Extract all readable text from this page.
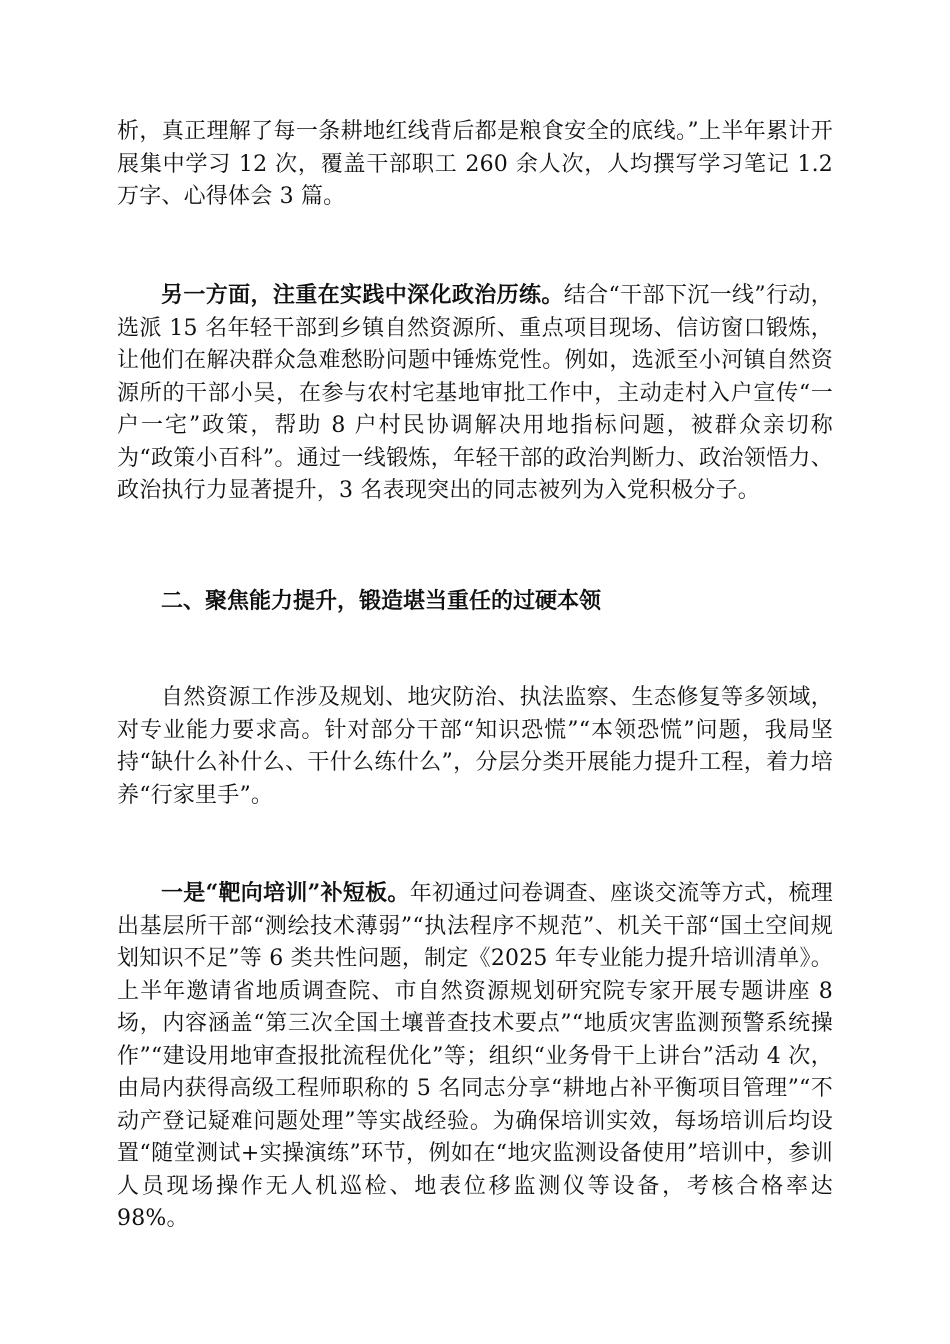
析，真正理解了每一条耕地红线背后都是粮食安全的底线。”上半年累计开展集中学习 12 次，覆盖干部职工 260 余人次，人均撰写学习笔记 1.2 万字、心得体会 3 篇。

另一方面，注重在实践中深化政治历练。结合“干部下沉一线”行动，选派 15 名年轻干部到乡镇自然资源所、重点项目现场、信访窗口锻炼，让他们在解决群众急难愁盼问题中锤炼党性。例如，选派至小河镇自然资源所的干部小吴，在参与农村宅基地审批工作中，主动走村入户宣传“一户一宅”政策，帮助 8 户村民协调解决用地指标问题，被群众亲切称为“政策小百科”。通过一线锻炼，年轻干部的政治判断力、政治领悟力、政治执行力显著提升，3 名表现突出的同志被列为入党积极分子。

二、聚焦能力提升，锻造堪当重任的过硬本领

自然资源工作涉及规划、地灾防治、执法监察、生态修复等多领域，对专业能力要求高。针对部分干部“知识恐慌”“本领恐慌”问题，我局坚持“缺什么补什么、干什么练什么”，分层分类开展能力提升工程，着力培养“行家里手”。

一是“靶向培训”补短板。年初通过问卷调查、座谈交流等方式，梳理出基层所干部“测绘技术薄弱”“执法程序不规范”、机关干部“国土空间规划知识不足”等 6 类共性问题，制定《2025 年专业能力提升培训清单》。上半年邀请省地质调查院、市自然资源规划研究院专家开展专题讲座 8 场，内容涵盖“第三次全国土壤普查技术要点”“地质灾害监测预警系统操作”“建设用地审查报批流程优化”等；组织“业务骨干上讲台”活动 4 次，由局内获得高级工程师职称的 5 名同志分享“耕地占补平衡项目管理”“不动产登记疑难问题处理”等实战经验。为确保培训实效，每场培训后均设置“随堂测试+实操演练”环节，例如在“地灾监测设备使用”培训中，参训人员现场操作无人机巡检、地表位移监测仪等设备，考核合格率达 98%。
